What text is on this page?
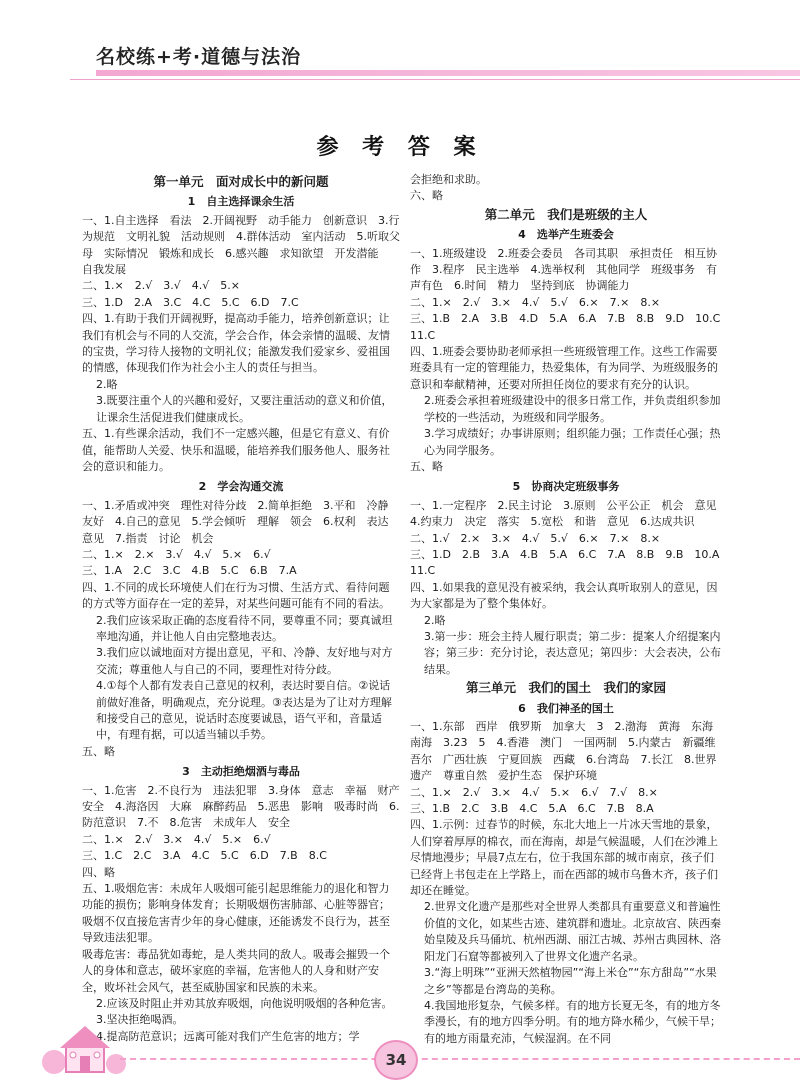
名校练+考·道德与法治
参 考 答 案
第一单元　面对成长中的新问题
1　自主选择课余生活
一、1.自主选择　看法　2.开阔视野　动手能力　创新意识　3.行为规范　文明礼貌　活动规则　4.群体活动　室内活动　5.听取父母　实际情况　锻炼和成长　6.感兴趣　求知欲望　开发潜能　自我发展
二、1.×　2.√　3.√　4.√　5.×
三、1.D　2.A　3.C　4.C　5.C　6.D　7.C
四、1.有助于我们开阔视野，提高动手能力，培养创新意识；让我们有机会与不同的人交流，学会合作，体会亲情的温暖、友情的宝贵，学习待人接物的文明礼仪；能激发我们爱家乡、爱祖国的情感，体现我们作为社会小主人的责任与担当。
2.略
3.既要注重个人的兴趣和爱好，又要注重活动的意义和价值，让课余生活促进我们健康成长。
五、1.有些课余活动，我们不一定感兴趣，但是它有意义、有价值，能帮助人关爱、快乐和温暖，能培养我们服务他人、服务社会的意识和能力。
2　学会沟通交流
一、1.矛盾或冲突　理性对待分歧　2.简单拒绝　3.平和　冷静　友好　4.自己的意见　5.学会倾听　理解　领会　6.权利　表达　意见　7.指责　讨论　机会
二、1.×　2.×　3.√　4.√　5.×　6.√
三、1.A　2.C　3.C　4.B　5.C　6.B　7.A
四、1.不同的成长环境使人们在行为习惯、生活方式、看待问题的方式等方面存在一定的差异，对某些问题可能有不同的看法。
2.我们应该采取正确的态度看待不同，要尊重不同；要真诚坦率地沟通，并让他人自由完整地表达。
3.我们应以诚地面对方提出意见，平和、冷静、友好地与对方交流；尊重他人与自己的不同，要理性对待分歧。
4.①每个人都有发表自己意见的权利，表达时要自信。②说话前做好准备，明确观点，充分说理。③表达是为了让对方理解和接受自己的意见，说话时态度要诚恳，语气平和，音量适中，有理有据，可以适当辅以手势。
五、略
3　主动拒绝烟酒与毒品
一、1.危害　2.不良行为　违法犯罪　3.身体　意志　幸福　财产安全　4.海洛因　大麻　麻醉药品　5.恶患　影响　吸毒时尚　6.防范意识　7.不　8.危害　未成年人　安全
二、1.×　2.√　3.×　4.√　5.×　6.√
三、1.C　2.C　3.A　4.C　5.C　6.D　7.B　8.C
四、略
五、1.吸烟危害：未成年人吸烟可能引起思维能力的退化和智力功能的损伤；影响身体发育；长期吸烟伤害肺部、心脏等器官；吸烟不仅直接危害青少年的身心健康，还能诱发不良行为，甚至导致违法犯罪。
吸毒危害：毒品犹如毒蛇，是人类共同的敌人。吸毒会摧毁一个人的身体和意志，破坏家庭的幸福，危害他人的人身和财产安全，败坏社会风气，甚至威胁国家和民族的未来。
2.应该及时阻止并劝其放弃吸烟，向他说明吸烟的各种危害。
3.坚决拒绝喝酒。
4.提高防范意识；远离可能对我们产生危害的地方；学
会拒绝和求助。
六、略
第二单元　我们是班级的主人
4　选举产生班委会
一、1.班级建设　2.班委会委员　各司其职　承担责任　相互协作　3.程序　民主选举　4.选举权利　其他同学　班级事务　有声有色　6.时间　精力　坚持到底　协调能力
二、1.×　2.√　3.×　4.√　5.√　6.×　7.×　8.×
三、1.B　2.A　3.B　4.D　5.A　6.A　7.B　8.B　9.D　10.C　11.C
四、1.班委会要协助老师承担一些班级管理工作。这些工作需要班委具有一定的管理能力，热爱集体，有为同学、为班级服务的意识和奉献精神，还要对所担任岗位的要求有充分的认识。
2.班委会承担着班级建设中的很多日常工作，并负责组织参加学校的一些活动，为班级和同学服务。
3.学习成绩好；办事讲原则；组织能力强；工作责任心强；热心为同学服务。
五、略
5　协商决定班级事务
一、1.一定程序　2.民主讨论　3.原则　公平公正　机会　意见　4.约束力　决定　落实　5.宽松　和谐　意见　6.达成共识
二、1.√　2.×　3.×　4.√　5.√　6.×　7.×　8.×
三、1.D　2.B　3.A　4.B　5.A　6.C　7.A　8.B　9.B　10.A　11.C
四、1.如果我的意见没有被采纳，我会认真听取别人的意见，因为大家都是为了整个集体好。
2.略
3.第一步：班会主持人履行职责；第二步：提案人介绍提案内容；第三步：充分讨论，表达意见；第四步：大会表决，公布结果。
第三单元　我们的国土　我们的家园
6　我们神圣的国土
一、1.东部　西岸　俄罗斯　加拿大　3　2.渤海　黄海　东海　南海　3.23　5　4.香港　澳门　一国两制　5.内蒙古　新疆维吾尔　广西壮族　宁夏回族　西藏　6.台湾岛　7.长江　8.世界遗产　尊重自然　爱护生态　保护环境
二、1.×　2.√　3.×　4.√　5.×　6.√　7.√　8.×
三、1.B　2.C　3.B　4.C　5.A　6.C　7.B　8.A
四、1.示例：过春节的时候，东北大地上一片冰天雪地的景象，人们穿着厚厚的棉衣，而在海南，却是气候温暖，人们在沙滩上尽情地漫步；早晨7点左右，位于我国东部的城市南京，孩子们已经背上书包走在上学路上，而在西部的城市乌鲁木齐，孩子们却还在睡觉。
2.世界文化遗产是那些对全世界人类都具有重要意义和普遍性价值的文化，如某些古迹、建筑群和遗址。北京故宫、陕西秦始皇陵及兵马俑坑、杭州西湖、丽江古城、苏州古典园林、洛阳龙门石窟等都被列入了世界文化遗产名录。
3.“海上明珠”“亚洲天然植物园”“海上米仓”“东方甜岛”“水果之乡”等都是台湾岛的美称。
4.我国地形复杂，气候多样。有的地方长夏无冬，有的地方冬季漫长，有的地方四季分明。有的地方降水稀少，气候干旱；有的地方雨量充沛，气候湿润。在不同
34
